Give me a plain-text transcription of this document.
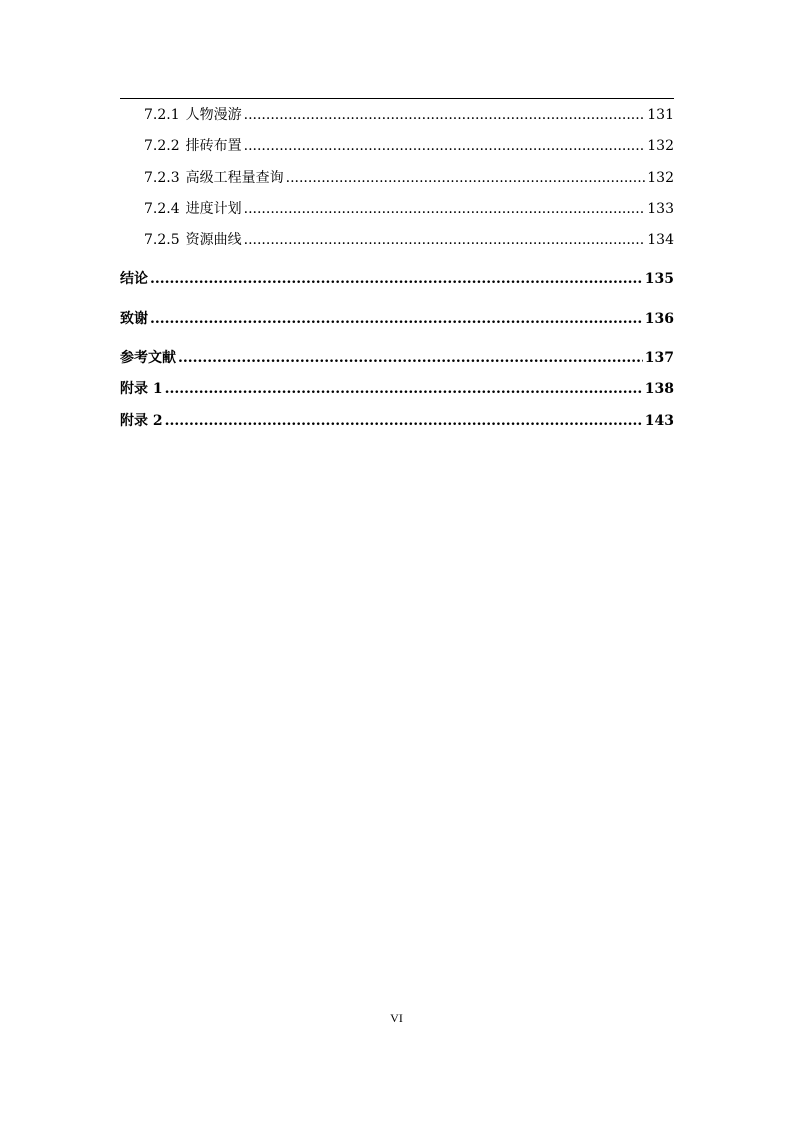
7.2.1 人物漫游 .....	131
7.2.2 排砖布置 .....	132
7.2.3 高级工程量查询 .....	132
7.2.4 进度计划 .....	133
7.2.5 资源曲线 .....	134
结论 .....	135
致谢 .....	136
参考文献 .....	137
附录 1 .....	138
附录 2 .....	143
VI
